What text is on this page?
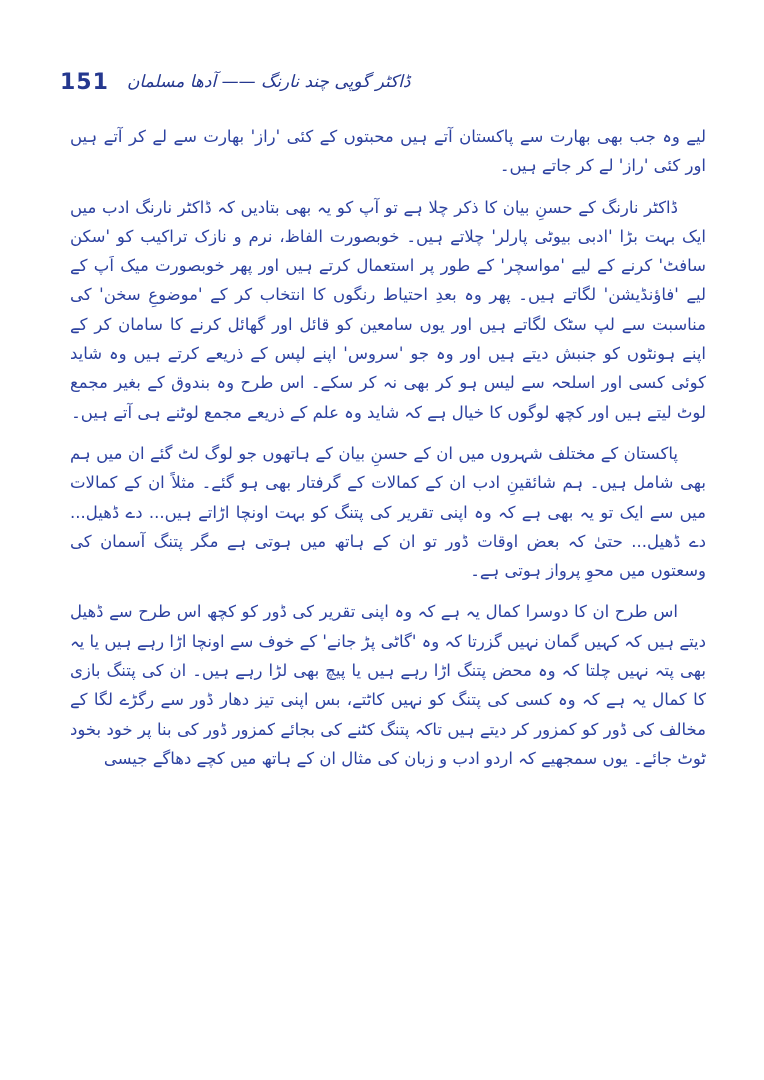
151 ڈاکٹر گوپی چند نارنگ —— آدھا مسلمان

لیے وہ جب بھی بھارت سے پاکستان آتے ہیں محبتوں کے کئی 'راز' بھارت سے لے کر آتے ہیں اور کئی 'راز' لے کر جاتے ہیں۔

ڈاکٹر نارنگ کے حسنِ بیان کا ذکر چلا ہے تو آپ کو یہ بھی بتادیں کہ ڈاکٹر نارنگ ادب میں ایک بہت بڑا 'ادبی بیوٹی پارلر' چلاتے ہیں۔ خوبصورت الفاظ، نرم و نازک تراکیب کو 'سکن سافٹ' کرنے کے لیے 'مواسچر' کے طور پر استعمال کرتے ہیں اور پھر خوبصورت میک اَپ کے لیے 'فاؤنڈیشن' لگاتے ہیں۔ پھر وہ بعدِ احتیاط رنگوں کا انتخاب کر کے 'موضوعِ سخن' کی مناسبت سے لپ سٹک لگاتے ہیں اور یوں سامعین کو قائل اور گھائل کرنے کا سامان کر کے اپنے ہونٹوں کو جنبش دیتے ہیں اور وہ جو 'سروس' اپنے لپس کے ذریعے کرتے ہیں وہ شاید کوئی کسی اور اسلحہ سے لیس ہو کر بھی نہ کر سکے۔ اس طرح وہ بندوق کے بغیر مجمع لوٹ لیتے ہیں اور کچھ لوگوں کا خیال ہے کہ شاید وہ علم کے ذریعے مجمع لوٹنے ہی آتے ہیں۔

پاکستان کے مختلف شہروں میں ان کے حسنِ بیان کے ہاتھوں جو لوگ لٹ گئے ان میں ہم بھی شامل ہیں۔ ہم شائقینِ ادب ان کے کمالات کے گرفتار بھی ہو گئے۔ مثلاً ان کے کمالات میں سے ایک تو یہ بھی ہے کہ وہ اپنی تقریر کی پتنگ کو بہت اونچا اڑاتے ہیں... دے ڈھیل... دے ڈھیل... حتیٰ کہ بعض اوقات ڈور تو ان کے ہاتھ میں ہوتی ہے مگر پتنگ آسمان کی وسعتوں میں محوِ پرواز ہوتی ہے۔

اس طرح ان کا دوسرا کمال یہ ہے کہ وہ اپنی تقریر کی ڈور کو کچھ اس طرح سے ڈھیل دیتے ہیں کہ کہیں گمان نہیں گزرتا کہ وہ 'گاٹی پڑ جانے' کے خوف سے اونچا اڑا رہے ہیں یا یہ بھی پتہ نہیں چلتا کہ وہ محض پتنگ اڑا رہے ہیں یا پیچ بھی لڑا رہے ہیں۔ ان کی پتنگ بازی کا کمال یہ ہے کہ وہ کسی کی پتنگ کو نہیں کاٹتے، بس اپنی تیز دھار ڈور سے رگڑے لگا کے مخالف کی ڈور کو کمزور کر دیتے ہیں تاکہ پتنگ کٹنے کی بجائے کمزور ڈور کی بنا پر خود بخود ٹوٹ جائے۔ یوں سمجھیے کہ اردو ادب و زبان کی مثال ان کے ہاتھ میں کچے دھاگے جیسی
